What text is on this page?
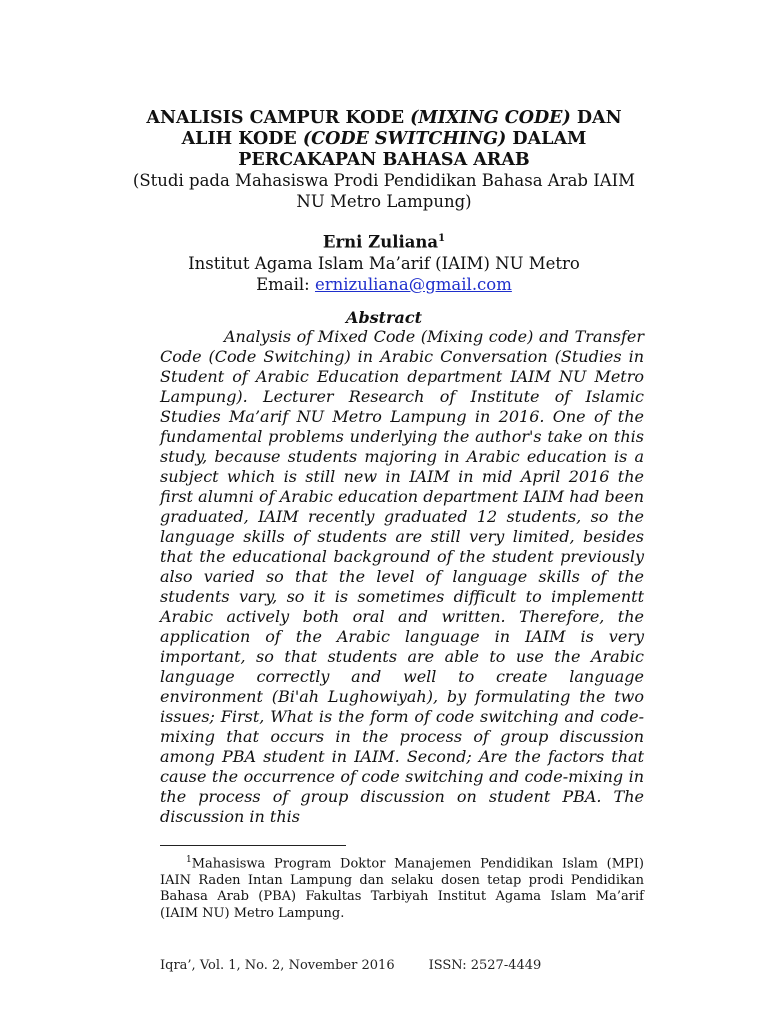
ANALISIS CAMPUR KODE (MIXING CODE) DAN
ALIH KODE (CODE SWITCHING) DALAM
PERCAKAPAN BAHASA ARAB
(Studi pada Mahasiswa Prodi Pendidikan Bahasa Arab IAIM
NU Metro Lampung)
Erni Zuliana$^1$
Institut Agama Islam Ma’arif (IAIM) NU Metro
Email: ernizuliana@gmail.com
Abstract
Analysis of Mixed Code (Mixing code) and Transfer Code (Code Switching) in Arabic Conversation (Studies in Student of Arabic Education department IAIM NU Metro Lampung). Lecturer Research of Institute of Islamic Studies Ma’arif NU Metro Lampung in 2016. One of the fundamental problems underlying the author's take on this study, because students majoring in Arabic education is a subject which is still new in IAIM in mid April 2016 the first alumni of Arabic education department IAIM had been graduated, IAIM recently graduated 12 students, so the language skills of students are still very limited, besides that the educational background of the student previously also varied so that the level of language skills of the students vary, so it is sometimes difficult to implementt Arabic actively both oral and written. Therefore, the application of the Arabic language in IAIM is very important, so that students are able to use the Arabic language correctly and well to create language environment (Bi'ah Lughowiyah), by formulating the two issues; First, What is the form of code switching and code-mixing that occurs in the process of group discussion among PBA student in IAIM. Second; Are the factors that cause the occurrence of code switching and code-mixing in the process of group discussion on student PBA. The discussion in this
$^1$Mahasiswa Program Doktor Manajemen Pendidikan Islam (MPI) IAIN Raden Intan Lampung dan selaku dosen tetap prodi Pendidikan Bahasa Arab (PBA) Fakultas Tarbiyah Institut Agama Islam Ma’arif (IAIM NU) Metro Lampung.
Iqra’, Vol. 1, No. 2, November 2016	ISSN: 2527-4449
